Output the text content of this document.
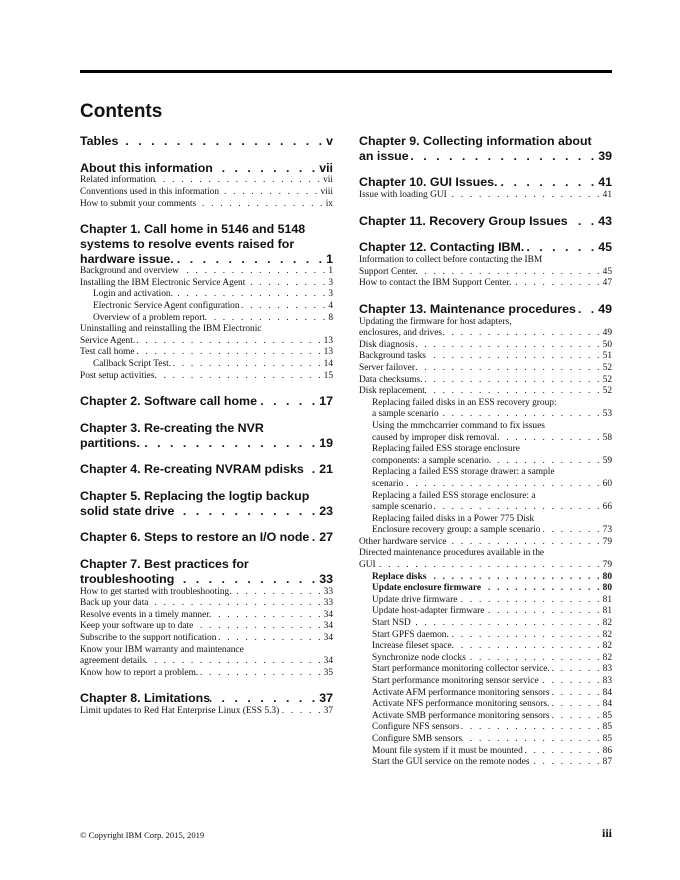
Contents
Tables . . .	v
About this information . . .	vii
Related information . . .	vii
Conventions used in this information . . .	viii
How to submit your comments . . .	ix
Chapter 1. Call home in 5146 and 5148
systems to resolve events raised for
hardware issue. . . .	1
Background and overview . . .	1
Installing the IBM Electronic Service Agent . . .	3
Login and activation. . . .	3
Electronic Service Agent configuration . . .	4
Overview of a problem report . . .	8
Uninstalling and reinstalling the IBM Electronic
Service Agent. . . .	13
Test call home . . .	13
Callback Script Test. . . .	14
Post setup activities . . .	15
Chapter 2. Software call home . . .	17
Chapter 3. Re-creating the NVR
partitions. . . .	19
Chapter 4. Re-creating NVRAM pdisks . . . 21
Chapter 5. Replacing the logtip backup
solid state drive . . .	23
Chapter 6. Steps to restore an I/O node . . . 27
Chapter 7. Best practices for
troubleshooting . . .	33
How to get started with troubleshooting. . . .	33
Back up your data . . .	33
Resolve events in a timely manner . . .	34
Keep your software up to date . . .	34
Subscribe to the support notification . . .	34
Know your IBM warranty and maintenance
agreement details . . .	34
Know how to report a problem. . . .	35
Chapter 8. Limitations . . .	37
Limit updates to Red Hat Enterprise Linux (ESS 5.3) . . .	37
Chapter 9. Collecting information about
an issue . . .	39
Chapter 10. GUI Issues. . . .	41
Issue with loading GUI . . .	41
Chapter 11. Recovery Group Issues . . . 43
Chapter 12. Contacting IBM. . . .	45
Information to collect before contacting the IBM
Support Center . . .	45
How to contact the IBM Support Center. . . .	47
Chapter 13. Maintenance procedures . . . 49
Updating the firmware for host adapters,
enclosures, and drives . . .	49
Disk diagnosis . . .	50
Background tasks . . .	51
Server failover . . .	52
Data checksums. . . .	52
Disk replacement . . .	52
Replacing failed disks in an ESS recovery group:
a sample scenario . . .	53
Using the mmchcarrier command to fix issues
caused by improper disk removal . . .	58
Replacing failed ESS storage enclosure
components: a sample scenario. . . .	59
Replacing a failed ESS storage drawer: a sample
scenario . . .	60
Replacing a failed ESS storage enclosure: a
sample scenario . . .	66
Replacing failed disks in a Power 775 Disk
Enclosure recovery group: a sample scenario . . .	73
Other hardware service . . .	79
Directed maintenance procedures available in the
GUI . . .	79
Replace disks . . .	80
Update enclosure firmware . . .	80
Update drive firmware . . .	81
Update host-adapter firmware . . .	81
Start NSD . . .	82
Start GPFS daemon. . . .	82
Increase fileset space . . .	82
Synchronize node clocks . . .	82
Start performance monitoring collector service. . . .	83
Start performance monitoring sensor service . . .	83
Activate AFM performance monitoring sensors . . .	84
Activate NFS performance monitoring sensors. . . .	84
Activate SMB performance monitoring sensors . . .	85
Configure NFS sensors . . .	85
Configure SMB sensors . . .	85
Mount file system if it must be mounted . . .	86
Start the GUI service on the remote nodes . . .	87
© Copyright IBM Corp. 2015, 2019	iii
